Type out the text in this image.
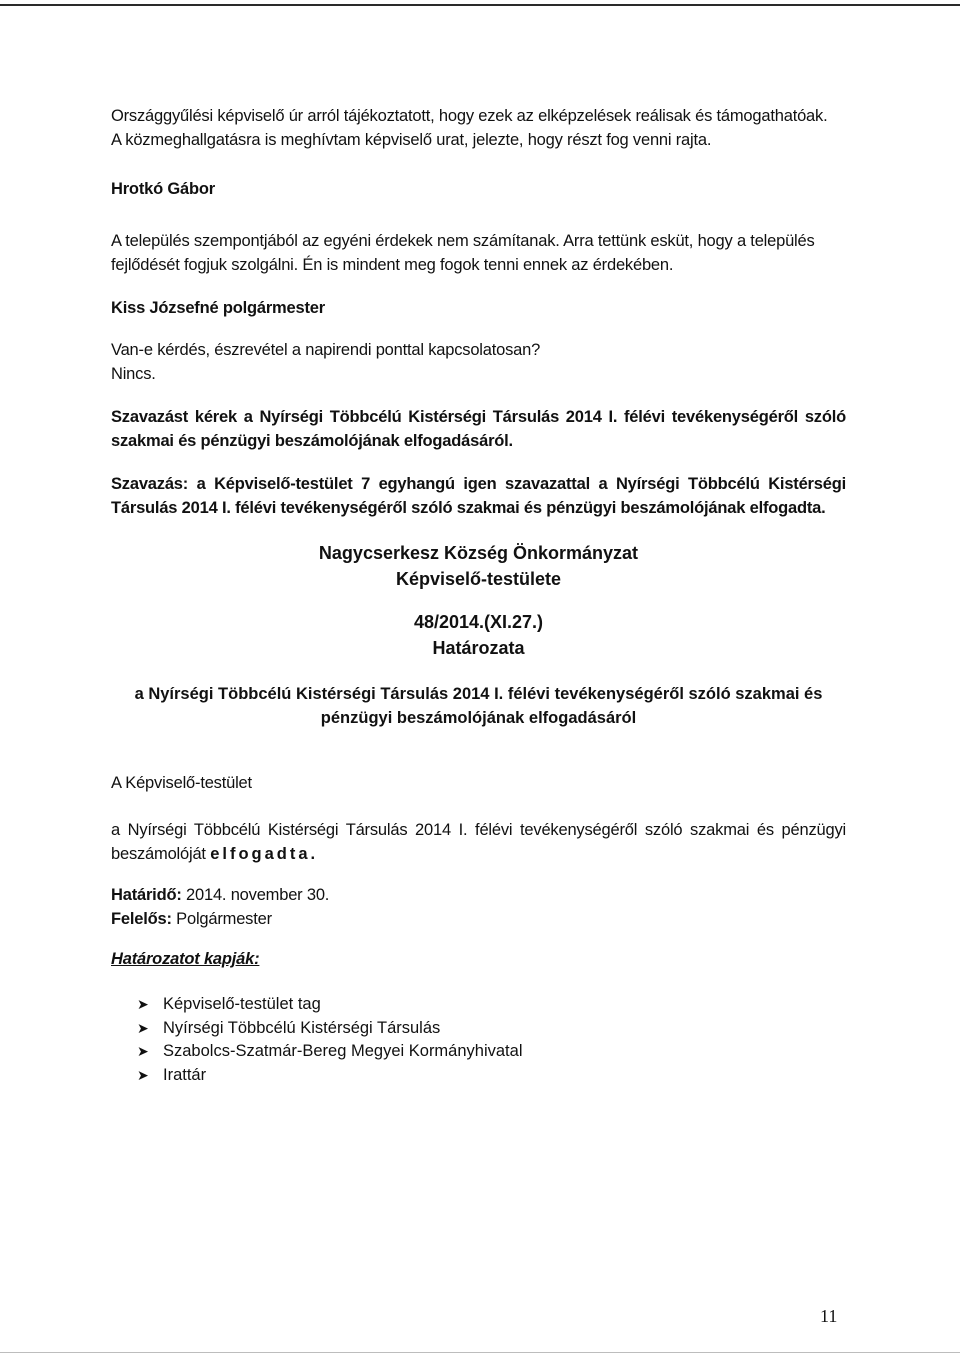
Országgyűlési képviselő úr arról tájékoztatott, hogy ezek az elképzelések reálisak és támogathatóak.
A közmeghallgatásra is meghívtam képviselő urat, jelezte, hogy részt fog venni rajta.

Hrotkó Gábor

A település szempontjából az egyéni érdekek nem számítanak. Arra tettünk esküt, hogy a település
fejlődését fogjuk szolgálni. Én is mindent meg fogok tenni ennek az érdekében.

Kiss Józsefné polgármester

Van-e kérdés, észrevétel a napirendi ponttal kapcsolatosan?
Nincs.

Szavazást kérek a Nyírségi Többcélú Kistérségi Társulás 2014 I. félévi tevékenységéről szóló szakmai és pénzügyi beszámolójának elfogadásáról.

Szavazás: a Képviselő-testület 7 egyhangú igen szavazattal a Nyírségi Többcélú Kistérségi Társulás 2014 I. félévi tevékenységéről szóló szakmai és pénzügyi beszámolójának elfogadta.

Nagycserkesz Község Önkormányzat
Képviselő-testülete
48/2014.(XI.27.)
Határozata
a Nyírségi Többcélú Kistérségi Társulás 2014 I. félévi tevékenységéről szóló szakmai és
pénzügyi beszámolójának elfogadásáról

A Képviselő-testület

a Nyírségi Többcélú Kistérségi Társulás 2014 I. félévi tevékenységéről szóló szakmai és pénzügyi beszámolóját elfogadta.

Határidő: 2014. november 30.
Felelős: Polgármester

Határozatot kapják:

➤ Képviselő-testület tag
➤ Nyírségi Többcélú Kistérségi Társulás
➤ Szabolcs-Szatmár-Bereg Megyei Kormányhivatal
➤ Irattár
11
